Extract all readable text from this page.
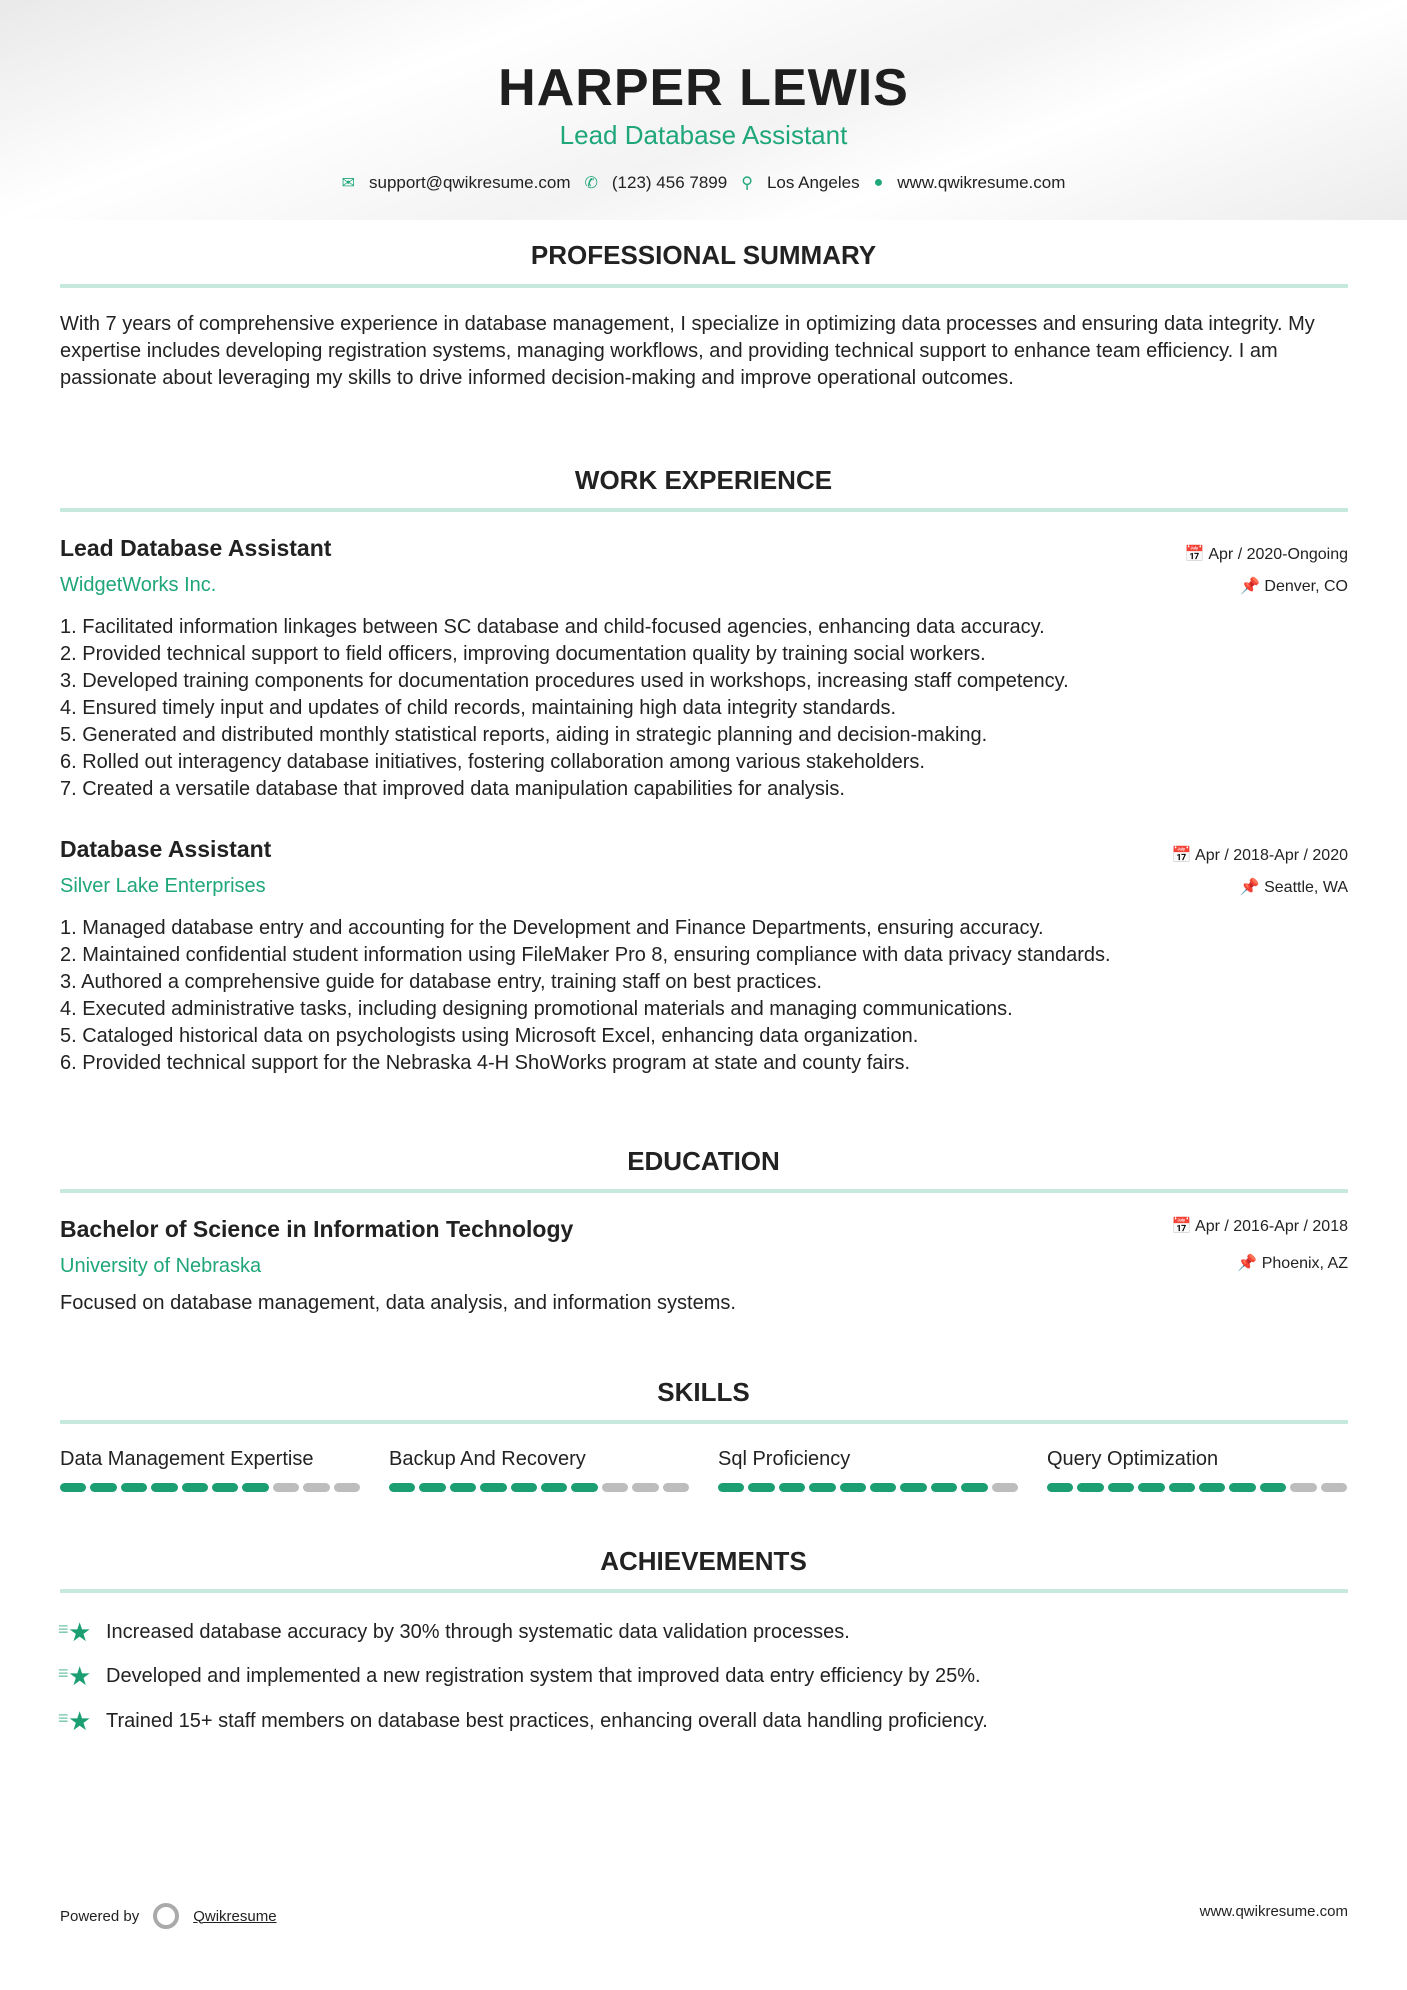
HARPER LEWIS
Lead Database Assistant
✉ support@qwikresume.com ✆ (123) 456 7899 ⚲ Los Angeles ● www.qwikresume.com
PROFESSIONAL SUMMARY
With 7 years of comprehensive experience in database management, I specialize in optimizing data processes and ensuring data integrity. My expertise includes developing registration systems, managing workflows, and providing technical support to enhance team efficiency. I am passionate about leveraging my skills to drive informed decision-making and improve operational outcomes.
WORK EXPERIENCE
Lead Database Assistant
WidgetWorks Inc.
📅 Apr / 2020-Ongoing
📌 Denver, CO
1. Facilitated information linkages between SC database and child-focused agencies, enhancing data accuracy.
2. Provided technical support to field officers, improving documentation quality by training social workers.
3. Developed training components for documentation procedures used in workshops, increasing staff competency.
4. Ensured timely input and updates of child records, maintaining high data integrity standards.
5. Generated and distributed monthly statistical reports, aiding in strategic planning and decision-making.
6. Rolled out interagency database initiatives, fostering collaboration among various stakeholders.
7. Created a versatile database that improved data manipulation capabilities for analysis.
Database Assistant
Silver Lake Enterprises
📅 Apr / 2018-Apr / 2020
📌 Seattle, WA
1. Managed database entry and accounting for the Development and Finance Departments, ensuring accuracy.
2. Maintained confidential student information using FileMaker Pro 8, ensuring compliance with data privacy standards.
3. Authored a comprehensive guide for database entry, training staff on best practices.
4. Executed administrative tasks, including designing promotional materials and managing communications.
5. Cataloged historical data on psychologists using Microsoft Excel, enhancing data organization.
6. Provided technical support for the Nebraska 4-H ShoWorks program at state and county fairs.
EDUCATION
Bachelor of Science in Information Technology
University of Nebraska
📅 Apr / 2016-Apr / 2018
📌 Phoenix, AZ
Focused on database management, data analysis, and information systems.
SKILLS
Data Management Expertise	Backup And Recovery	Sql Proficiency	Query Optimization
ACHIEVEMENTS
≡ ★ Increased database accuracy by 30% through systematic data validation processes.
≡ ★ Developed and implemented a new registration system that improved data entry efficiency by 25%.
≡ ★ Trained 15+ staff members on database best practices, enhancing overall data handling proficiency.
Powered by	Qwikresume	www.qwikresume.com
